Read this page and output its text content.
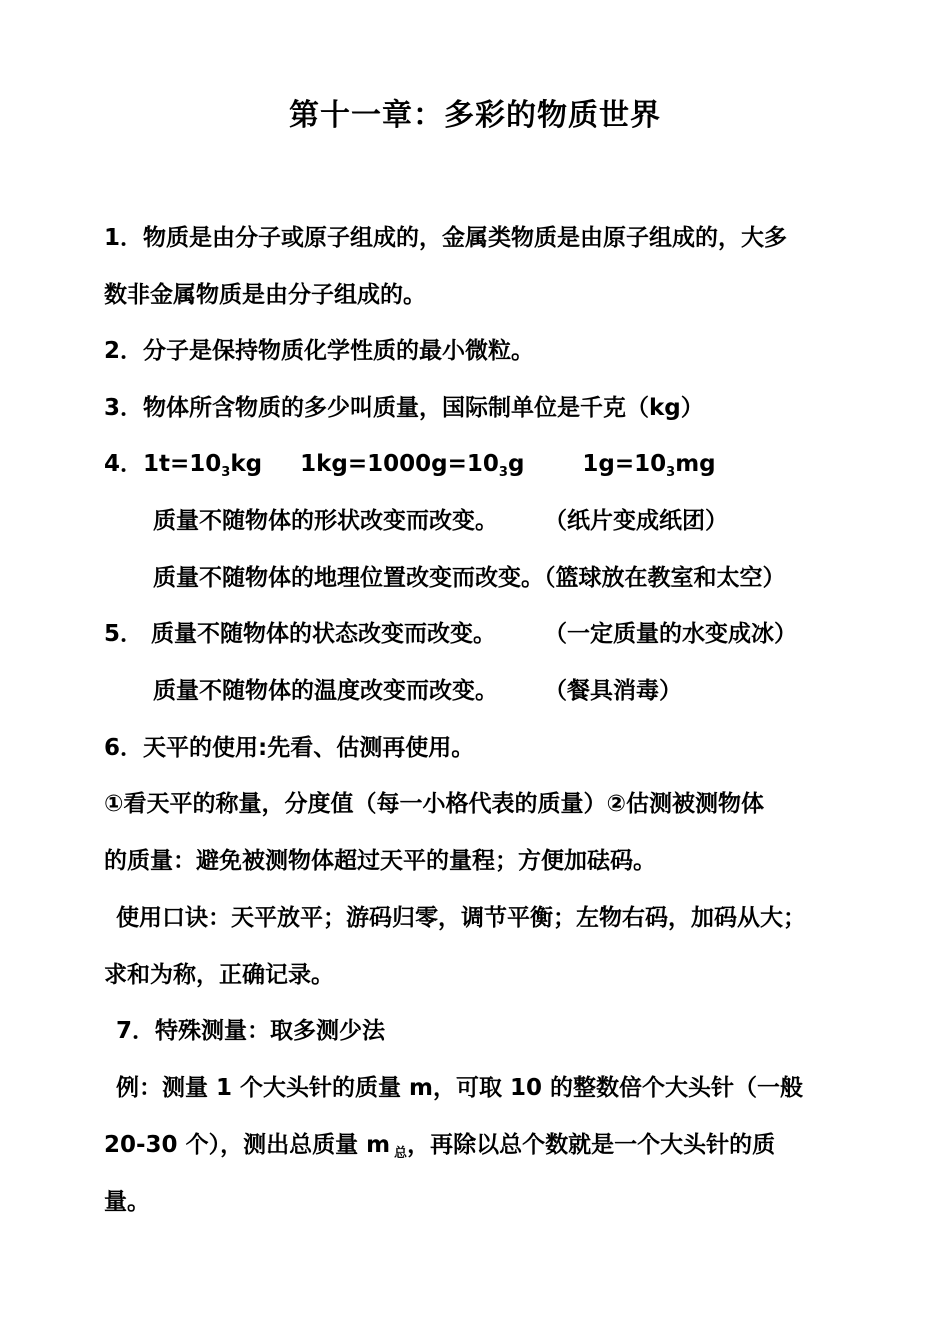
第十一章：多彩的物质世界
1．物质是由分子或原子组成的，金属类物质是由原子组成的，大多
数非金属物质是由分子组成的。
2．分子是保持物质化学性质的最小微粒。
3．物体所含物质的多少叫质量，国际制单位是千克（kg）
4．$1t=10_3kg$ $1kg=1000g=10_3g$	$1g=10_3mg$
质量不随物体的形状改变而改变。 （纸片变成纸团）
质量不随物体的地理位置改变而改变。（篮球放在教室和太空）
5． 质量不随物体的状态改变而改变。 （一定质量的水变成冰）
质量不随物体的温度改变而改变。 （餐具消毒）
6．天平的使用:先看、估测再使用。
①看天平的称量，分度值（每一小格代表的质量）②估测被测物体
的质量：避免被测物体超过天平的量程；方便加砝码。
使用口诀：天平放平；游码归零，调节平衡；左物右码，加码从大；
求和为称，正确记录。
7．特殊测量：取多测少法
例：测量 1 个大头针的质量 m，可取 10 的整数倍个大头针（一般
20-30 个），测出总质量 m $_总$，再除以总个数就是一个大头针的质
量。
